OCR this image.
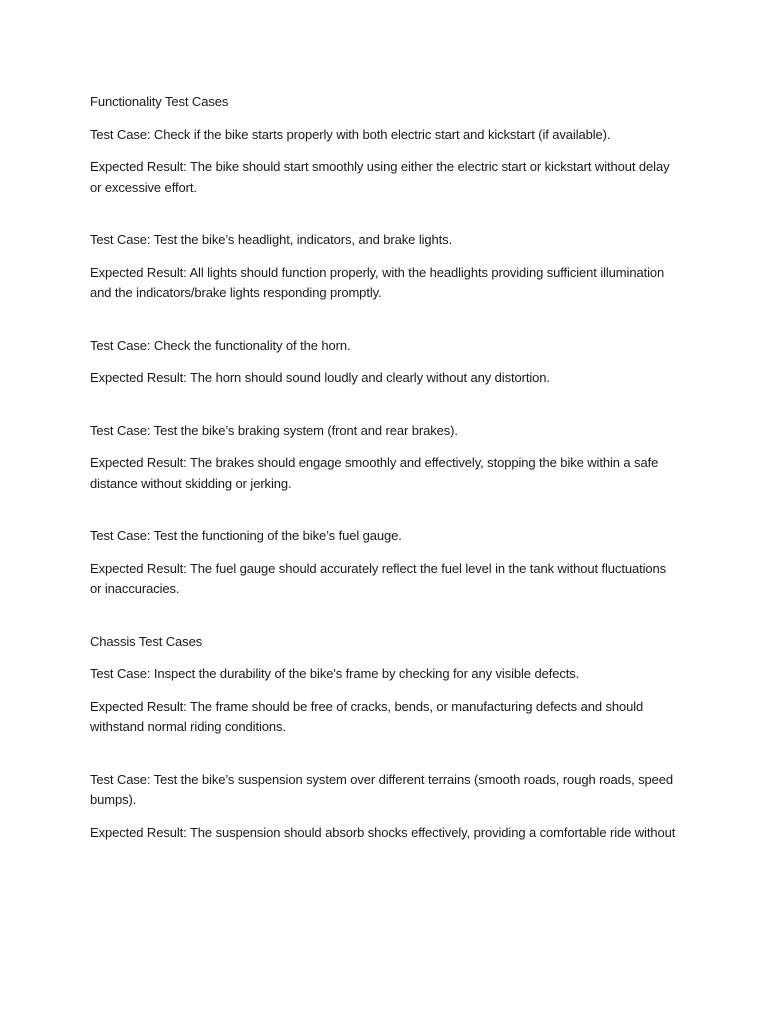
Functionality Test Cases

Test Case: Check if the bike starts properly with both electric start and kickstart (if available).

Expected Result: The bike should start smoothly using either the electric start or kickstart without delay or excessive effort.

Test Case: Test the bike’s headlight, indicators, and brake lights.

Expected Result: All lights should function properly, with the headlights providing sufficient illumination and the indicators/brake lights responding promptly.

Test Case: Check the functionality of the horn.

Expected Result: The horn should sound loudly and clearly without any distortion.

Test Case: Test the bike’s braking system (front and rear brakes).

Expected Result: The brakes should engage smoothly and effectively, stopping the bike within a safe distance without skidding or jerking.

Test Case: Test the functioning of the bike’s fuel gauge.

Expected Result: The fuel gauge should accurately reflect the fuel level in the tank without fluctuations or inaccuracies.

Chassis Test Cases

Test Case: Inspect the durability of the bike's frame by checking for any visible defects.

Expected Result: The frame should be free of cracks, bends, or manufacturing defects and should withstand normal riding conditions.

Test Case: Test the bike’s suspension system over different terrains (smooth roads, rough roads, speed bumps).

Expected Result: The suspension should absorb shocks effectively, providing a comfortable ride without
